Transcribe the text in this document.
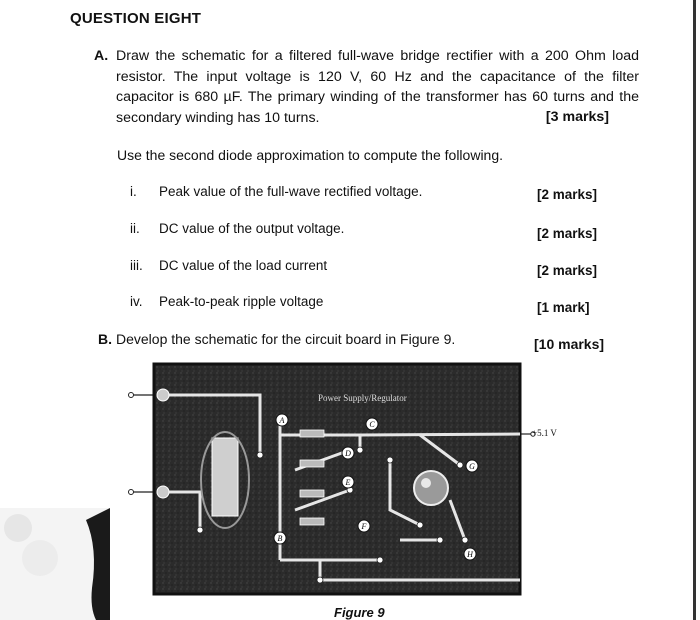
QUESTION EIGHT
A. Draw the schematic for a filtered full-wave bridge rectifier with a 200 Ohm load resistor. The input voltage is 120 V, 60 Hz and the capacitance of the filter capacitor is 680 µF. The primary winding of the transformer has 60 turns and the secondary winding has 10 turns.	[3 marks]
Use the second diode approximation to compute the following.
i. Peak value of the full-wave rectified voltage.	[2 marks]
ii. DC value of the output voltage.	[2 marks]
iii. DC value of the load current	[2 marks]
iv. Peak-to-peak ripple voltage	[1 mark]
B. Develop the schematic for the circuit board in Figure 9.	[10 marks]
Power Supply/Regulator
A
B
C
D
E
F
G
H
+5.1 V
Figure 9
